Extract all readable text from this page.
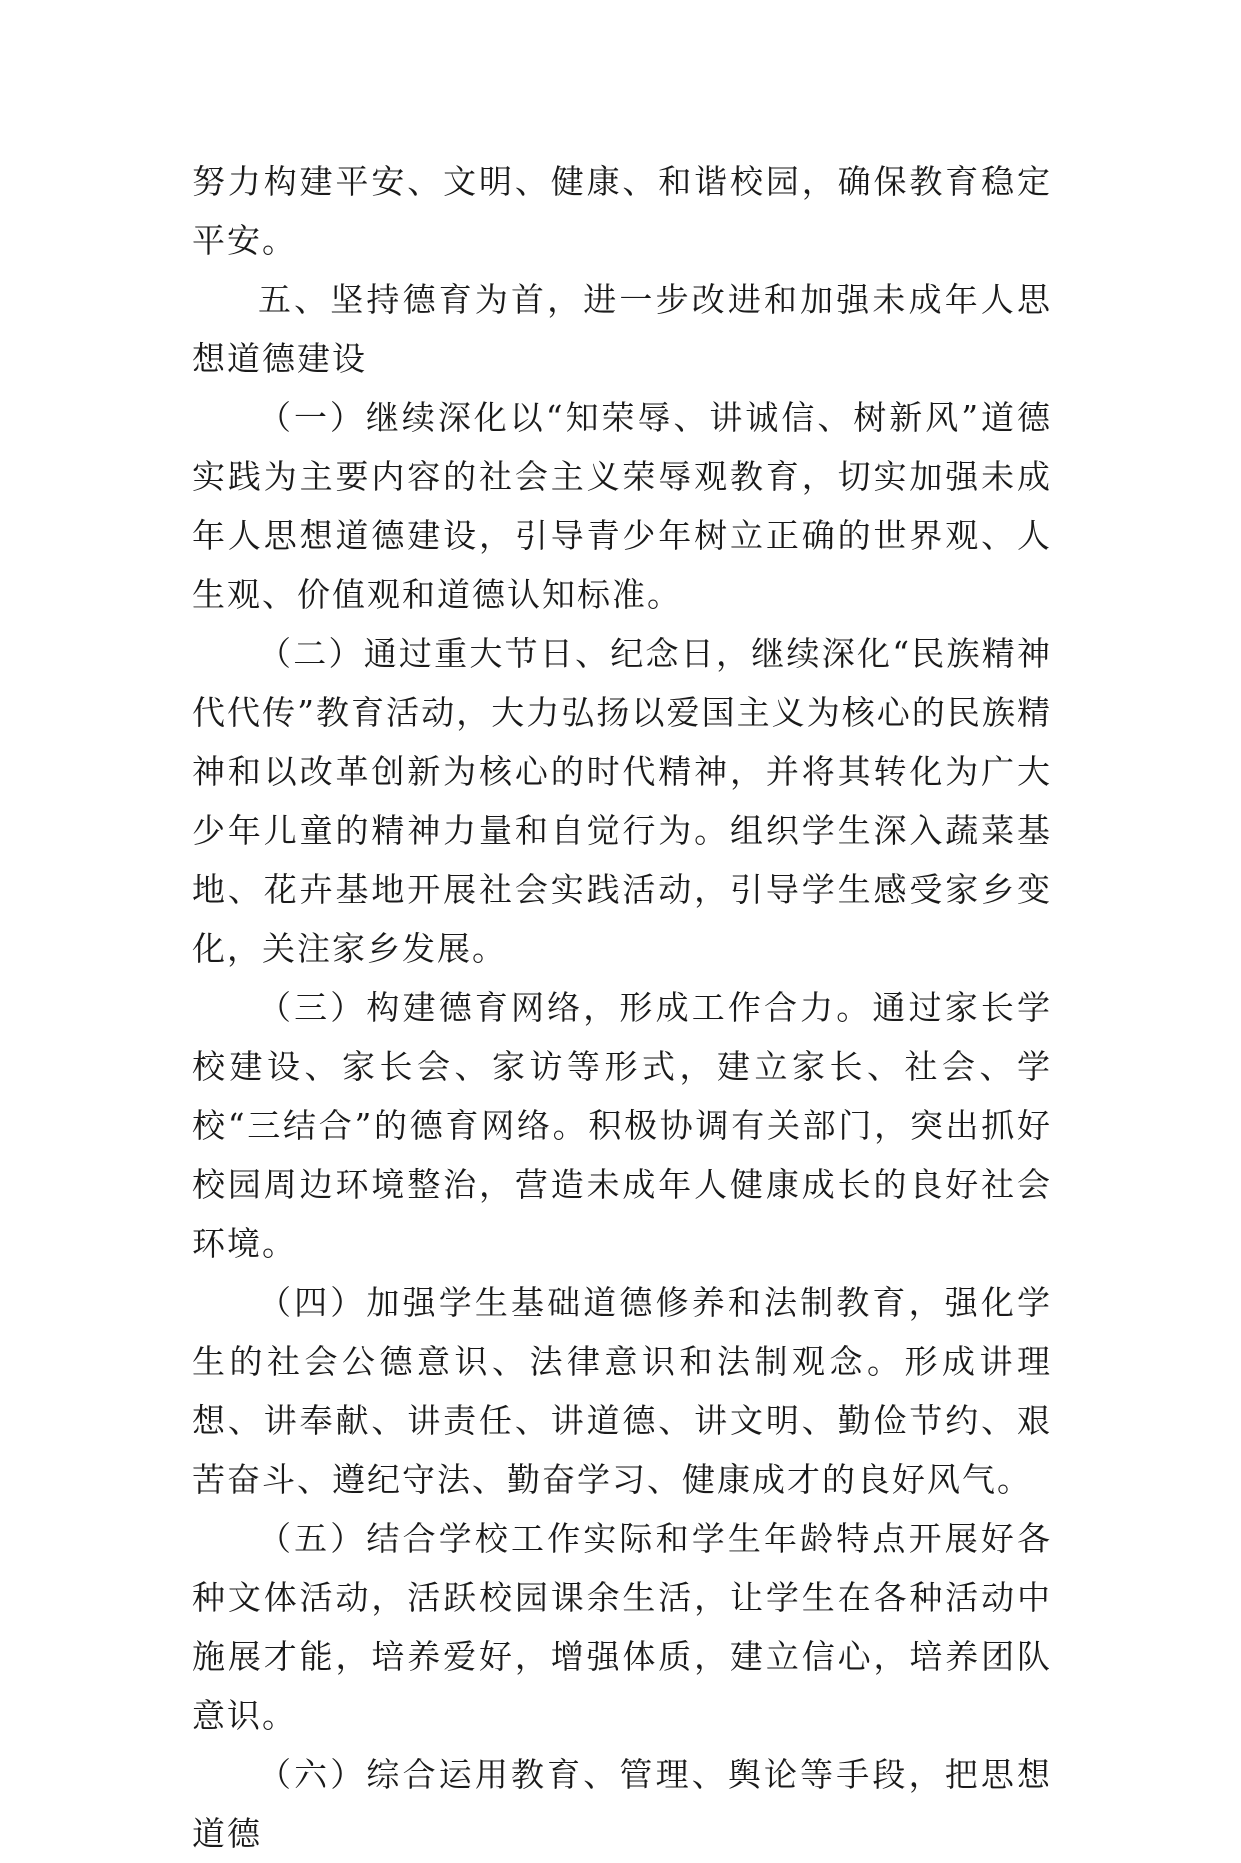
努力构建平安、文明、健康、和谐校园，确保教育稳定平安。

五、坚持德育为首，进一步改进和加强未成年人思想道德建设

（一）继续深化以“知荣辱、讲诚信、树新风”道德实践为主要内容的社会主义荣辱观教育，切实加强未成年人思想道德建设，引导青少年树立正确的世界观、人生观、价值观和道德认知标准。

（二）通过重大节日、纪念日，继续深化“民族精神代代传”教育活动，大力弘扬以爱国主义为核心的民族精神和以改革创新为核心的时代精神，并将其转化为广大少年儿童的精神力量和自觉行为。组织学生深入蔬菜基地、花卉基地开展社会实践活动，引导学生感受家乡变化，关注家乡发展。

（三）构建德育网络，形成工作合力。通过家长学校建设、家长会、家访等形式，建立家长、社会、学校“三结合”的德育网络。积极协调有关部门，突出抓好校园周边环境整治，营造未成年人健康成长的良好社会环境。

（四）加强学生基础道德修养和法制教育，强化学生的社会公德意识、法律意识和法制观念。形成讲理想、讲奉献、讲责任、讲道德、讲文明、勤俭节约、艰苦奋斗、遵纪守法、勤奋学习、健康成才的良好风气。

（五）结合学校工作实际和学生年龄特点开展好各种文体活动，活跃校园课余生活，让学生在各种活动中施展才能，培养爱好，增强体质，建立信心，培养团队意识。

（六）综合运用教育、管理、舆论等手段，把思想道德
